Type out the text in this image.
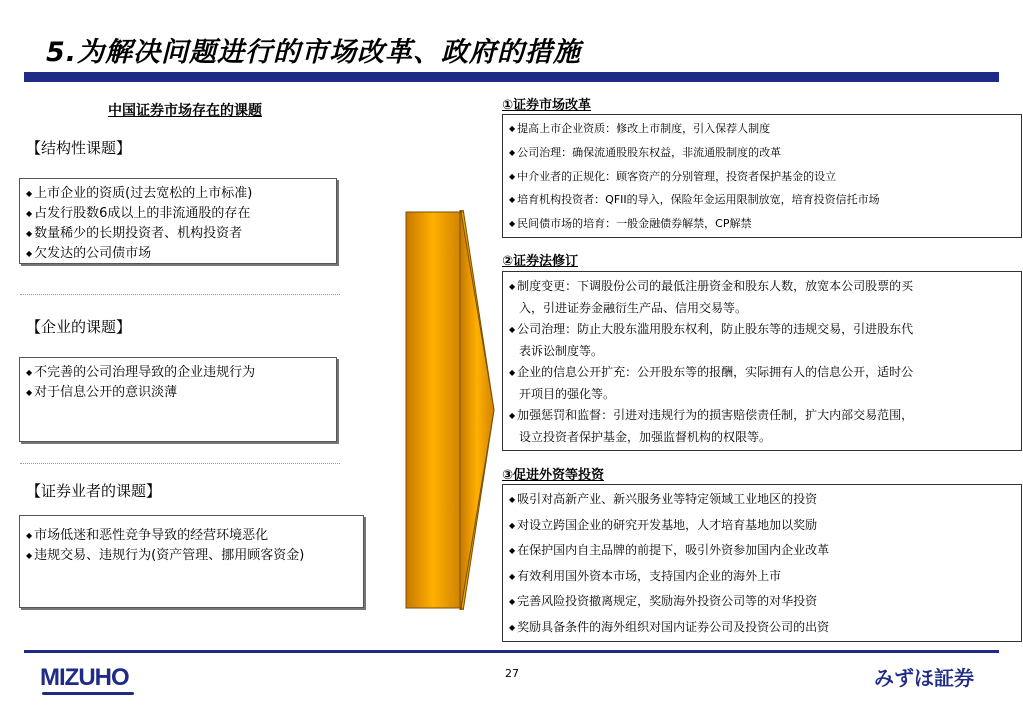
5.为解决问题进行的市场改革、政府的措施
中国证券市场存在的课题
【结构性课题】
◆ 上市企业的资质(过去宽松的上市标准)
◆ 占发行股数6成以上的非流通股的存在
◆ 数量稀少的长期投资者、机构投资者
◆ 欠发达的公司债市场
【企业的课题】
◆ 不完善的公司治理导致的企业违规行为
◆ 对于信息公开的意识淡薄
【证券业者的课题】
◆ 市场低迷和恶性竞争导致的经营环境恶化
◆ 违规交易、违规行为(资产管理、挪用顾客资金)
①证券市场改革
◆ 提高上市企业资质：修改上市制度，引入保荐人制度
◆ 公司治理：确保流通股股东权益，非流通股制度的改革
◆ 中介业者的正规化：顾客资产的分别管理，投资者保护基金的设立
◆ 培育机构投资者：QFII的导入，保险年金运用限制放宽，培育投资信托市场
◆ 民间债市场的培育：一般金融债券解禁，CP解禁
②证券法修订
◆ 制度变更：下调股份公司的最低注册资金和股东人数，放宽本公司股票的买
入，引进证券金融衍生产品、信用交易等。
◆ 公司治理：防止大股东滥用股东权利，防止股东等的违规交易，引进股东代
表诉讼制度等。
◆ 企业的信息公开扩充：公开股东等的报酬，实际拥有人的信息公开，适时公
开项目的强化等。
◆ 加强惩罚和监督：引进对违规行为的损害赔偿责任制，扩大内部交易范围，
设立投资者保护基金，加强监督机构的权限等。
③促进外资等投资
◆ 吸引对高新产业、新兴服务业等特定领域工业地区的投资
◆ 对设立跨国企业的研究开发基地，人才培育基地加以奖励
◆ 在保护国内自主品牌的前提下，吸引外资参加国内企业改革
◆ 有效利用国外资本市场，支持国内企业的海外上市
◆ 完善风险投资撤离规定，奖励海外投资公司等的对华投资
◆ 奖励具备条件的海外组织对国内证券公司及投资公司的出资
MIZUHO	27	みずほ証券
